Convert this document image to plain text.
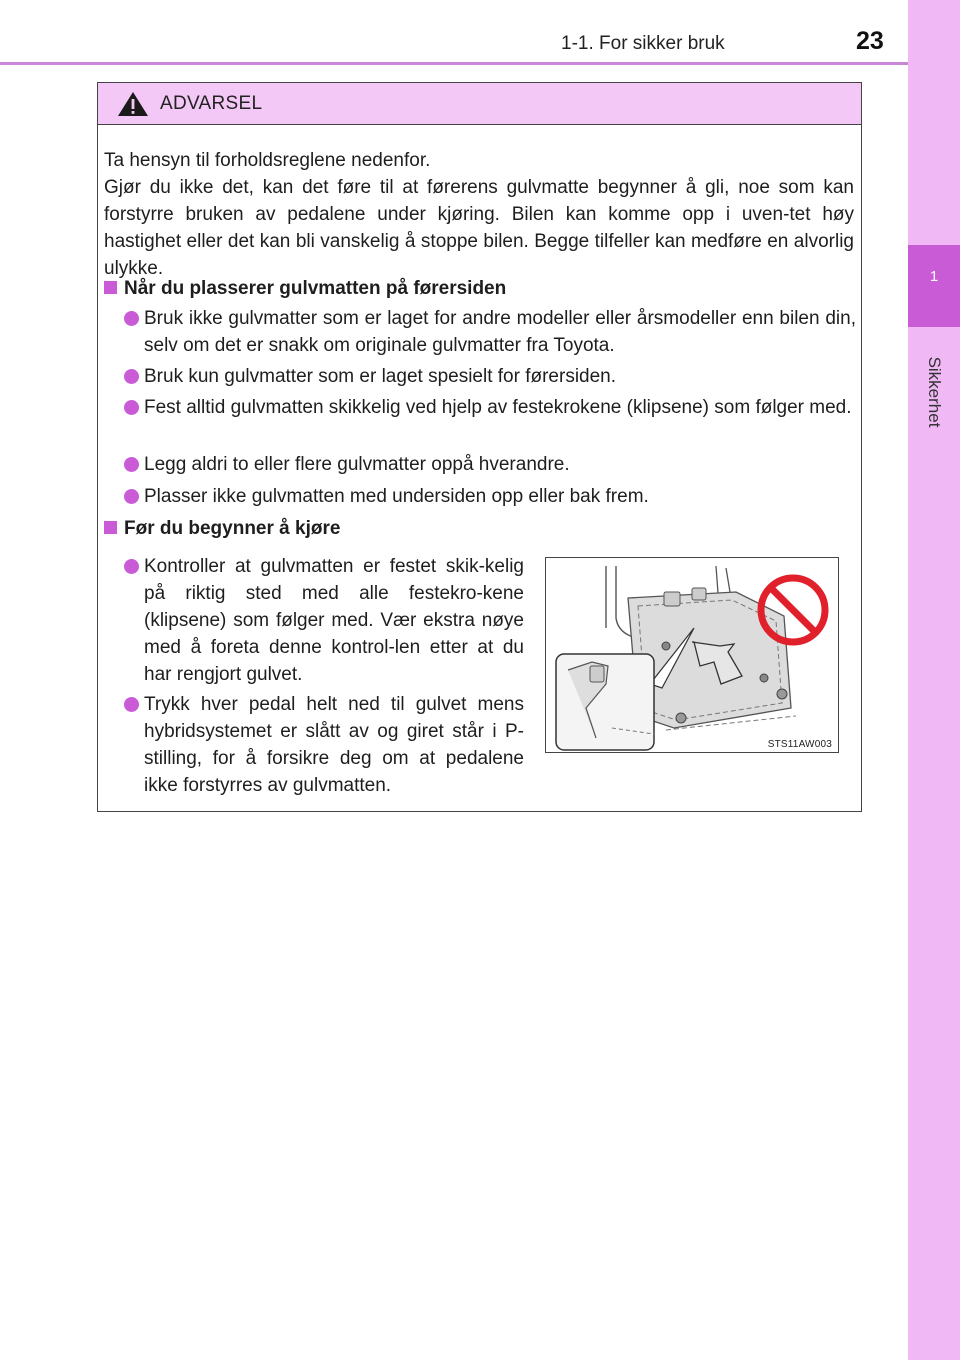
1
Sikkerhet
1-1. For sikker bruk	23
ADVARSEL
Ta hensyn til forholdsreglene nedenfor.
Gjør du ikke det, kan det føre til at førerens gulvmatte begynner å gli, noe som kan forstyrre bruken av pedalene under kjøring. Bilen kan komme opp i uven-tet høy hastighet eller det kan bli vanskelig å stoppe bilen. Begge tilfeller kan medføre en alvorlig ulykke.
Når du plasserer gulvmatten på førersiden
Bruk ikke gulvmatter som er laget for andre modeller eller årsmodeller enn bilen din, selv om det er snakk om originale gulvmatter fra Toyota.
Bruk kun gulvmatter som er laget spesielt for førersiden.
Fest alltid gulvmatten skikkelig ved hjelp av festekrokene (klipsene) som følger med.
Legg aldri to eller flere gulvmatter oppå hverandre.
Plasser ikke gulvmatten med undersiden opp eller bak frem.
Før du begynner å kjøre
Kontroller at gulvmatten er festet skik-kelig på riktig sted med alle festekro-kene (klipsene) som følger med. Vær ekstra nøye med å foreta denne kontrol-len etter at du har rengjort gulvet.
Trykk hver pedal helt ned til gulvet mens hybridsystemet er slått av og giret står i P-stilling, for å forsikre deg om at pedalene ikke forstyrres av gulvmatten.
STS11AW003
